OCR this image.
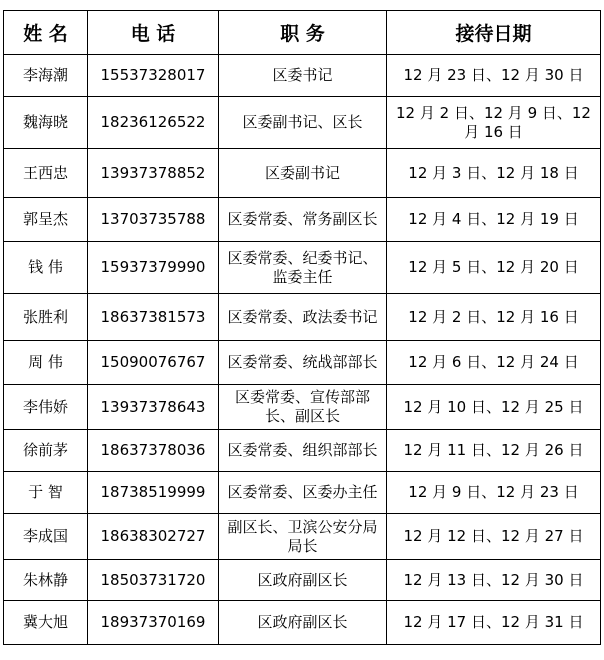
姓 名	电 话	职 务	接待日期
李海潮	15537328017	区委书记	12 月 23 日、12 月 30 日
魏海晓	18236126522	区委副书记、区长	12 月 2 日、12 月 9 日、12 月 16 日
王西忠	13937378852	区委副书记	12 月 3 日、12 月 18 日
郭呈杰	13703735788	区委常委、常务副区长	12 月 4 日、12 月 19 日
钱 伟	15937379990	区委常委、纪委书记、监委主任	12 月 5 日、12 月 20 日
张胜利	18637381573	区委常委、政法委书记	12 月 2 日、12 月 16 日
周 伟	15090076767	区委常委、统战部部长	12 月 6 日、12 月 24 日
李伟娇	13937378643	区委常委、宣传部部长、副区长	12 月 10 日、12 月 25 日
徐前茅	18637378036	区委常委、组织部部长	12 月 11 日、12 月 26 日
于 智	18738519999	区委常委、区委办主任	12 月 9 日、12 月 23 日
李成国	18638302727	副区长、卫滨公安分局局长	12 月 12 日、12 月 27 日
朱林静	18503731720	区政府副区长	12 月 13 日、12 月 30 日
冀大旭	18937370169	区政府副区长	12 月 17 日、12 月 31 日
